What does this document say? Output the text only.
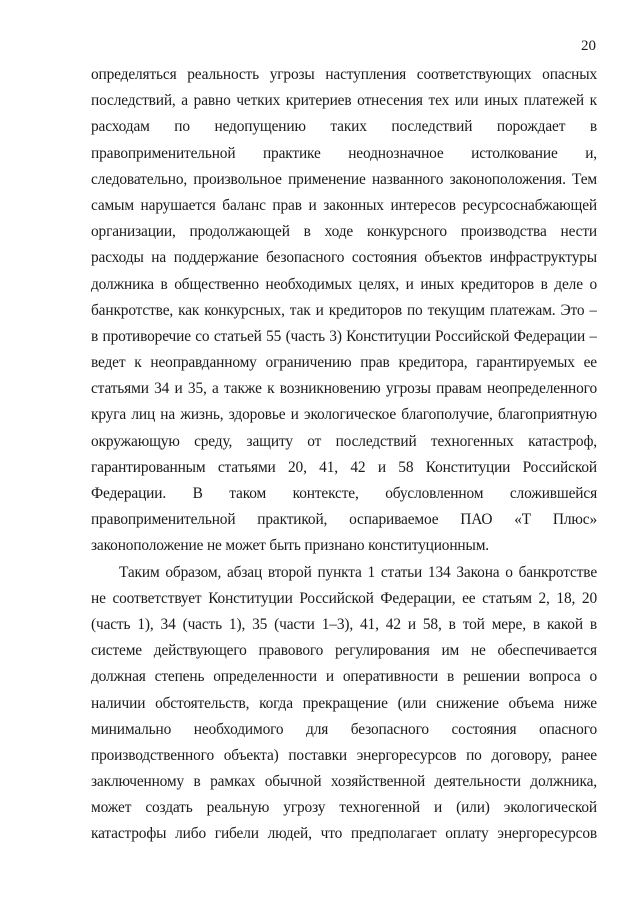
20
определяться реальность угрозы наступления соответствующих опасных
последствий, а равно четких критериев отнесения тех или иных платежей к
расходам по недопущению таких последствий порождает в
правоприменительной практике неоднозначное истолкование и,
следовательно, произвольное применение названного законоположения. Тем
самым нарушается баланс прав и законных интересов ресурсоснабжающей
организации, продолжающей в ходе конкурсного производства нести
расходы на поддержание безопасного состояния объектов инфраструктуры
должника в общественно необходимых целях, и иных кредиторов в деле о
банкротстве, как конкурсных, так и кредиторов по текущим платежам. Это –
в противоречие со статьей 55 (часть 3) Конституции Российской Федерации –
ведет к неоправданному ограничению прав кредитора, гарантируемых ее
статьями 34 и 35, а также к возникновению угрозы правам неопределенного
круга лиц на жизнь, здоровье и экологическое благополучие, благоприятную
окружающую среду, защиту от последствий техногенных катастроф,
гарантированным статьями 20, 41, 42 и 58 Конституции Российской
Федерации. В таком контексте, обусловленном сложившейся
правоприменительной практикой, оспариваемое ПАО «Т Плюс»
законоположение не может быть признано конституционным.
Таким образом, абзац второй пункта 1 статьи 134 Закона о банкротстве
не соответствует Конституции Российской Федерации, ее статьям 2, 18, 20
(часть 1), 34 (часть 1), 35 (части 1–3), 41, 42 и 58, в той мере, в какой в
системе действующего правового регулирования им не обеспечивается
должная степень определенности и оперативности в решении вопроса о
наличии обстоятельств, когда прекращение (или снижение объема ниже
минимально необходимого для безопасного состояния опасного
производственного объекта) поставки энергоресурсов по договору, ранее
заключенному в рамках обычной хозяйственной деятельности должника,
может создать реальную угрозу техногенной и (или) экологической
катастрофы либо гибели людей, что предполагает оплату энергоресурсов
